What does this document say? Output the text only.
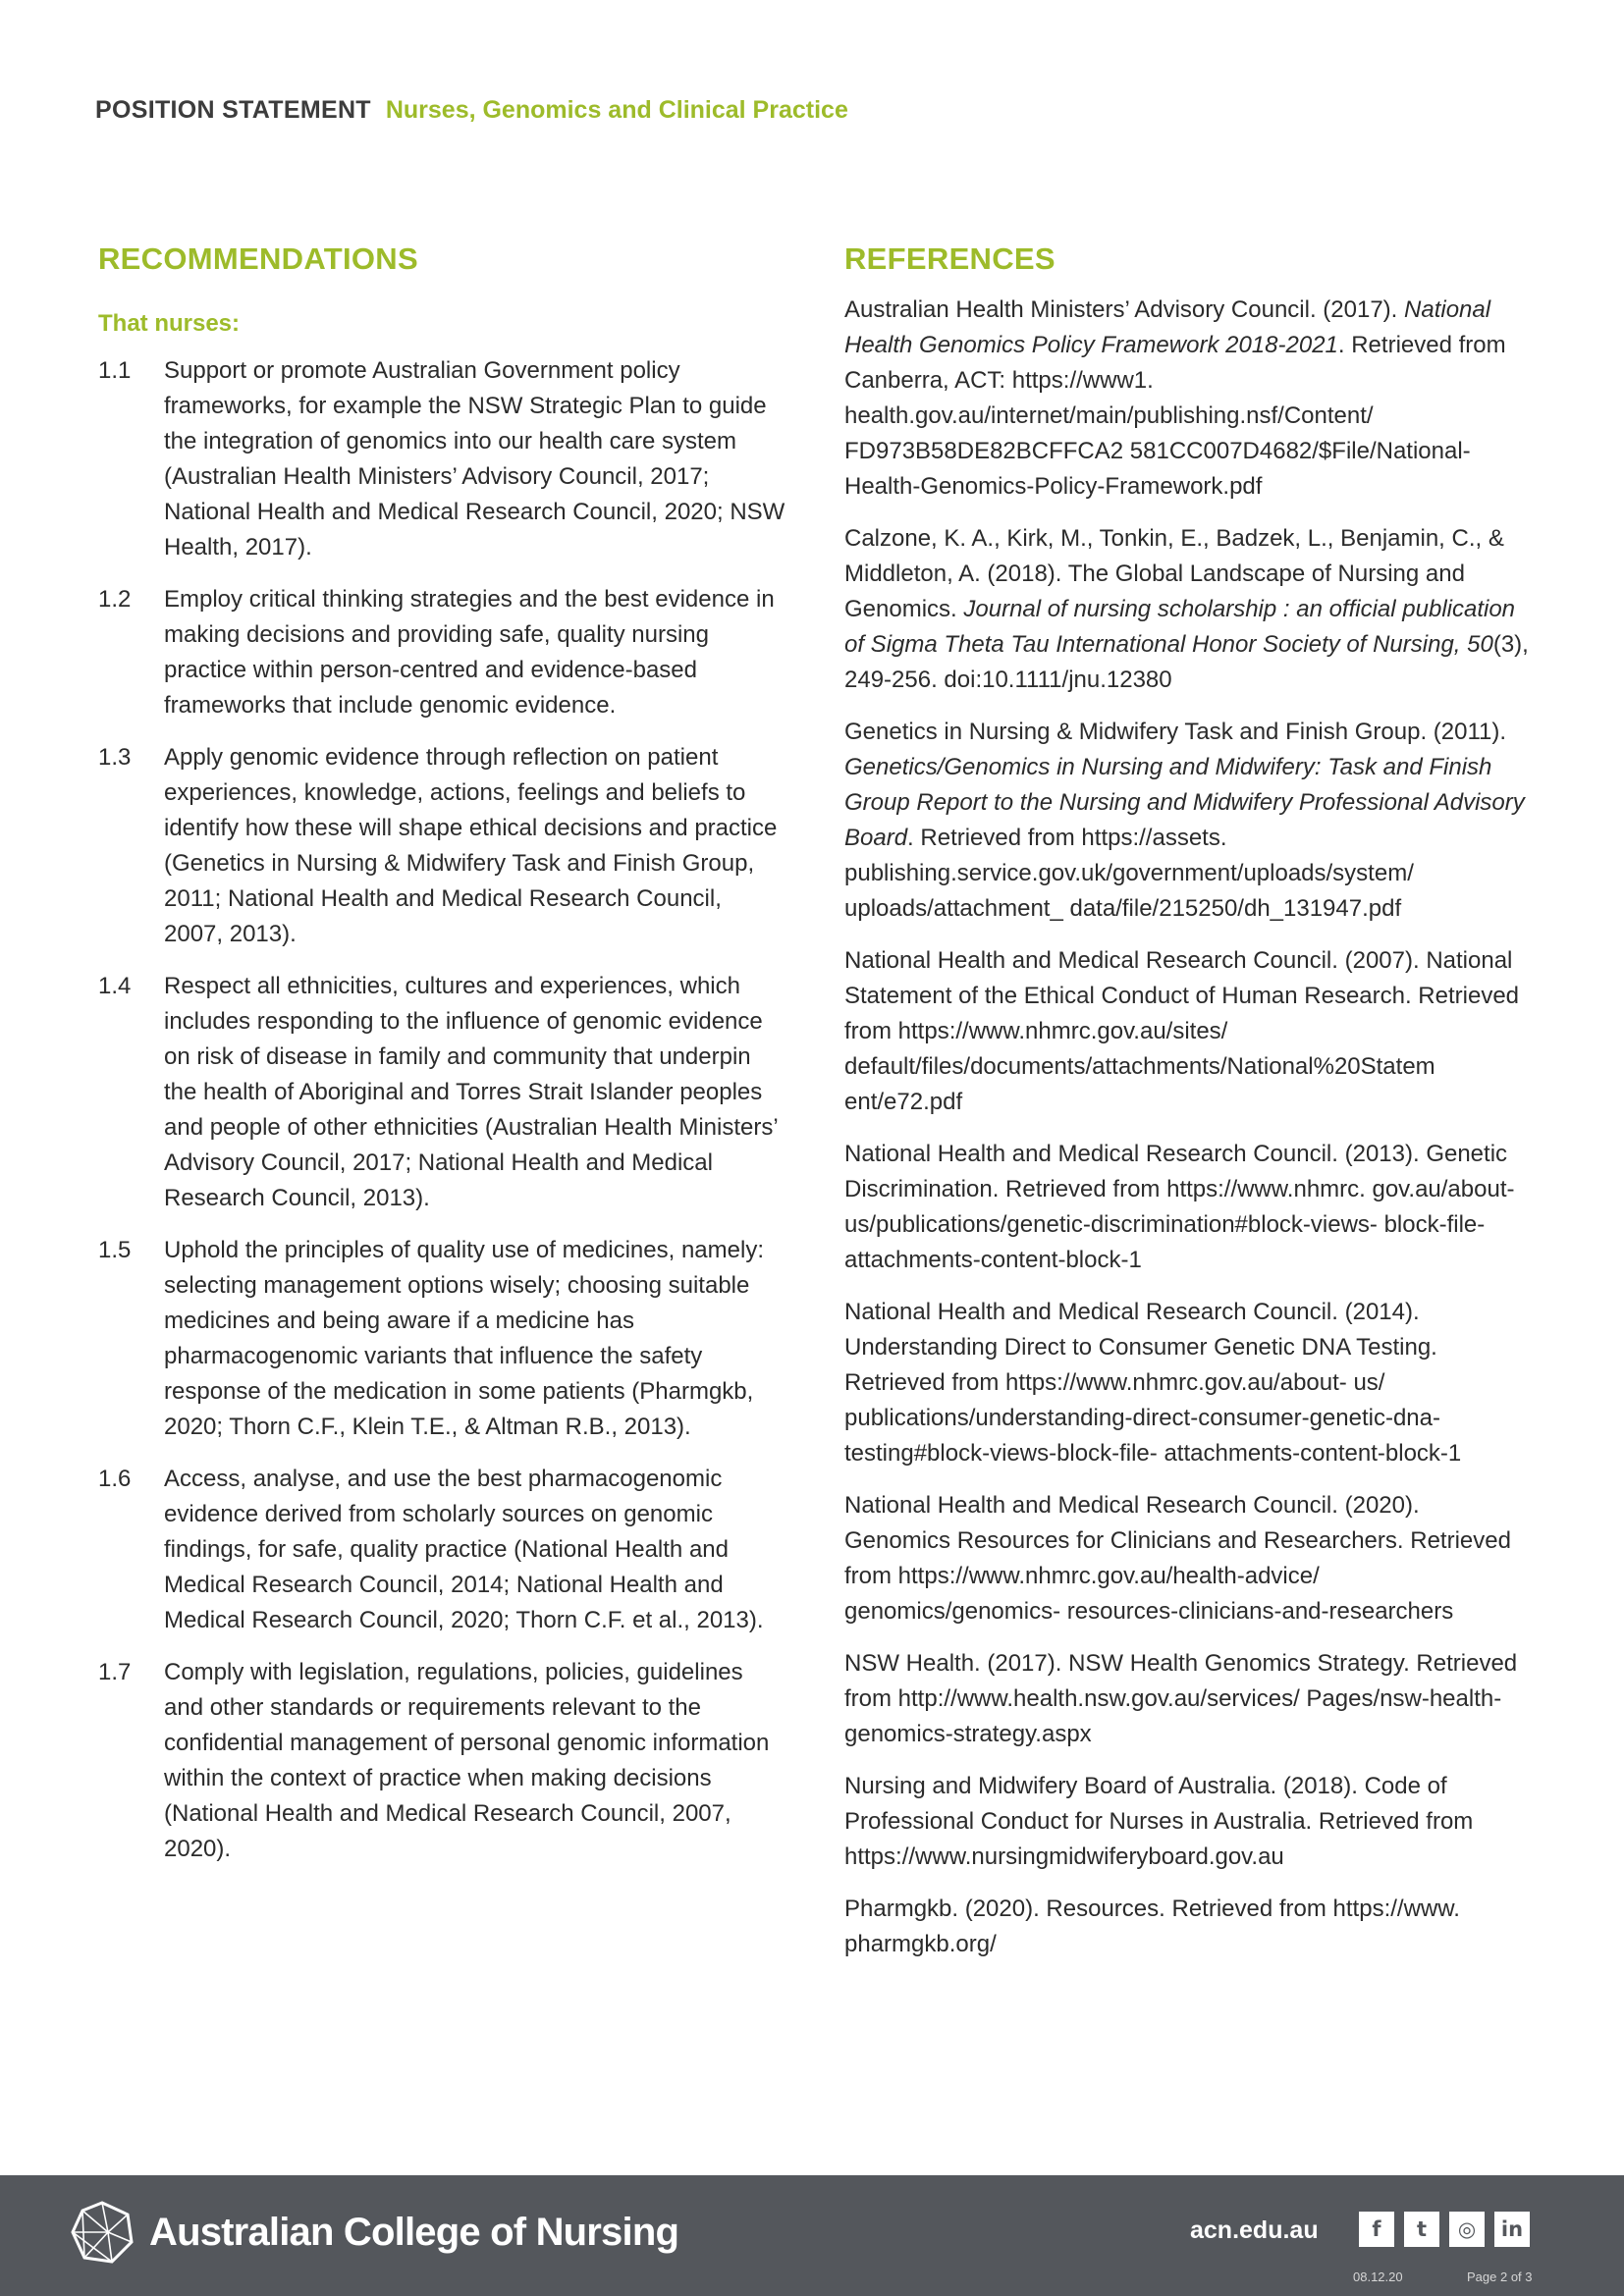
POSITION STATEMENT Nurses, Genomics and Clinical Practice
RECOMMENDATIONS
That nurses:
1.1	Support or promote Australian Government policy frameworks, for example the NSW Strategic Plan to guide the integration of genomics into our health care system (Australian Health Ministers’ Advisory Council, 2017; National Health and Medical Research Council, 2020; NSW Health, 2017).
1.2	Employ critical thinking strategies and the best evidence in making decisions and providing safe, quality nursing practice within person-centred and evidence-based frameworks that include genomic evidence.
1.3	Apply genomic evidence through reflection on patient experiences, knowledge, actions, feelings and beliefs to identify how these will shape ethical decisions and practice (Genetics in Nursing & Midwifery Task and Finish Group, 2011; National Health and Medical Research Council, 2007, 2013).
1.4	Respect all ethnicities, cultures and experiences, which includes responding to the influence of genomic evidence on risk of disease in family and community that underpin the health of Aboriginal and Torres Strait Islander peoples and people of other ethnicities (Australian Health Ministers’ Advisory Council, 2017; National Health and Medical Research Council, 2013).
1.5	Uphold the principles of quality use of medicines, namely: selecting management options wisely; choosing suitable medicines and being aware if a medicine has pharmacogenomic variants that influence the safety response of the medication in some patients (Pharmgkb, 2020; Thorn C.F., Klein T.E., & Altman R.B., 2013).
1.6	Access, analyse, and use the best pharmacogenomic evidence derived from scholarly sources on genomic findings, for safe, quality practice (National Health and Medical Research Council, 2014; National Health and Medical Research Council, 2020; Thorn C.F. et al., 2013).
1.7	Comply with legislation, regulations, policies, guidelines and other standards or requirements relevant to the confidential management of personal genomic information within the context of practice when making decisions (National Health and Medical Research Council, 2007, 2020).
REFERENCES
Australian Health Ministers’ Advisory Council. (2017). National Health Genomics Policy Framework 2018-2021. Retrieved from Canberra, ACT: https://www1. health.gov.au/internet/main/publishing.nsf/Content/ FD973B58DE82BCFFCA2 581CC007D4682/$File/National-Health-Genomics-Policy-Framework.pdf
Calzone, K. A., Kirk, M., Tonkin, E., Badzek, L., Benjamin, C., & Middleton, A. (2018). The Global Landscape of Nursing and Genomics. Journal of nursing scholarship : an official publication of Sigma Theta Tau International Honor Society of Nursing, 50(3), 249-256. doi:10.1111/jnu.12380
Genetics in Nursing & Midwifery Task and Finish Group. (2011). Genetics/Genomics in Nursing and Midwifery: Task and Finish Group Report to the Nursing and Midwifery Professional Advisory Board. Retrieved from https://assets. publishing.service.gov.uk/government/uploads/system/ uploads/attachment_ data/file/215250/dh_131947.pdf
National Health and Medical Research Council. (2007). National Statement of the Ethical Conduct of Human Research. Retrieved from https://www.nhmrc.gov.au/sites/ default/files/documents/attachments/National%20Statem ent/e72.pdf
National Health and Medical Research Council. (2013). Genetic Discrimination. Retrieved from https://www.nhmrc. gov.au/about-us/publications/genetic-discrimination#block-views- block-file-attachments-content-block-1
National Health and Medical Research Council. (2014). Understanding Direct to Consumer Genetic DNA Testing. Retrieved from https://www.nhmrc.gov.au/about- us/ publications/understanding-direct-consumer-genetic-dna-testing#block-views-block-file- attachments-content-block-1
National Health and Medical Research Council. (2020). Genomics Resources for Clinicians and Researchers. Retrieved from https://www.nhmrc.gov.au/health-advice/ genomics/genomics- resources-clinicians-and-researchers
NSW Health. (2017). NSW Health Genomics Strategy. Retrieved from http://www.health.nsw.gov.au/services/ Pages/nsw-health-genomics-strategy.aspx
Nursing and Midwifery Board of Australia. (2018). Code of Professional Conduct for Nurses in Australia. Retrieved from https://www.nursingmidwiferyboard.gov.au
Pharmgkb. (2020). Resources. Retrieved from https://www. pharmgkb.org/
Australian College of Nursing	acn.edu.au	f	t	◎	in
08.12.20	Page 2 of 3
